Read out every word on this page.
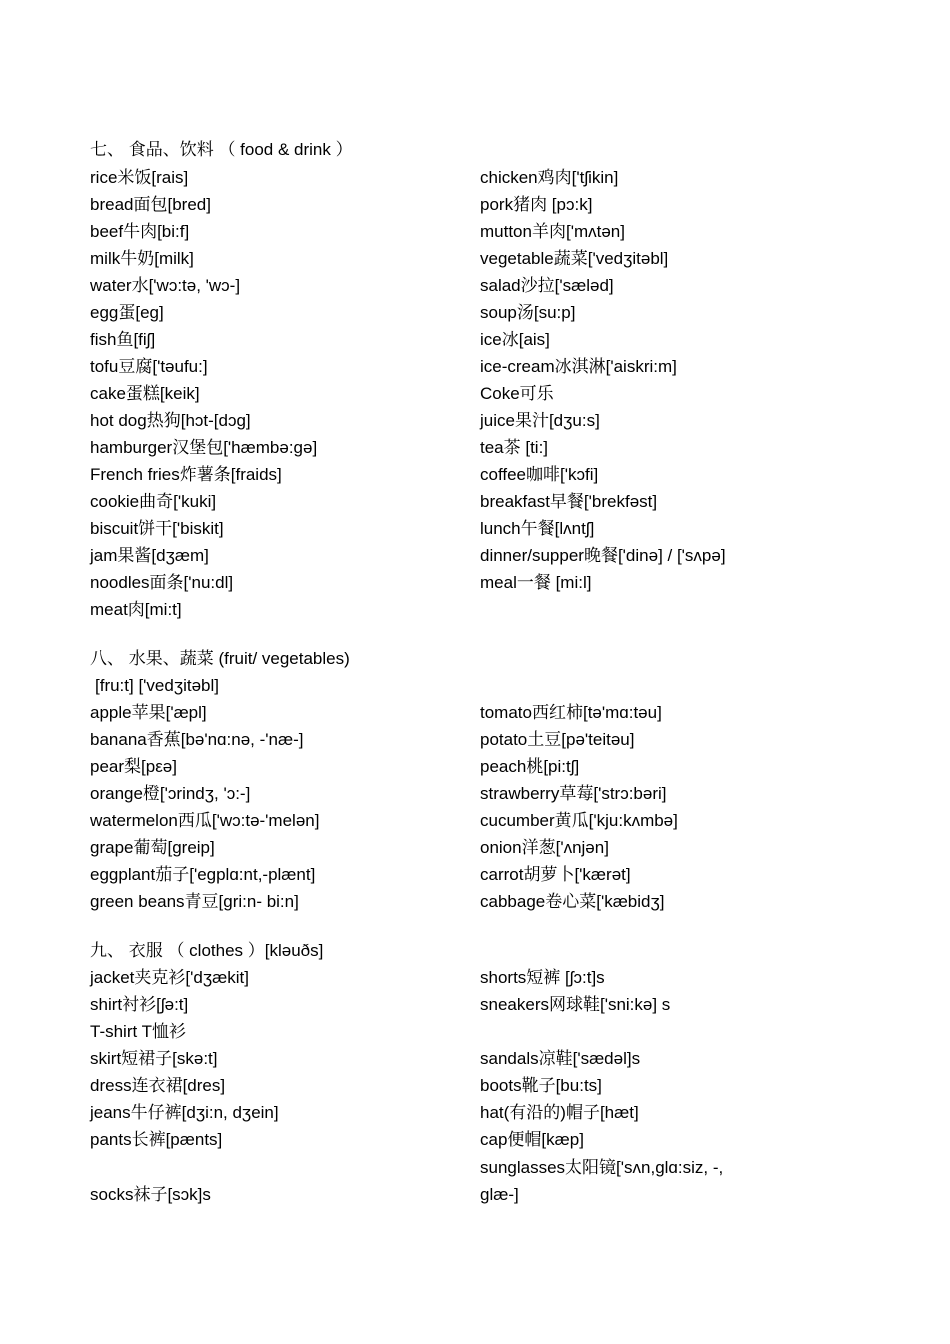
七、 食品、饮料 （ food & drink ）
rice米饭[rais]
bread面包[bred]
beef牛肉[bi:f]
milk牛奶[milk]
water水['wɔ:tə, 'wɔ-]
egg蛋[eg]
fish鱼[fiʃ]
tofu豆腐['təufu:]
cake蛋糕[keik]
hot dog热狗[hɔt-[dɔg]
hamburger汉堡包['hæmbə:gə]
French fries炸薯条[fraids]
cookie曲奇['kuki]
biscuit饼干['biskit]
jam果酱[dʒæm]
noodles面条['nu:dl]
meat肉[mi:t]
chicken鸡肉['tʃikin]
pork猪肉 [pɔ:k]
mutton羊肉['mʌtən]
vegetable蔬菜['vedʒitəbl]
salad沙拉['sæləd]
soup汤[su:p]
ice冰[ais]
ice-cream冰淇淋['aiskri:m]
Coke可乐
juice果汁[dʒu:s]
tea茶 [ti:]
coffee咖啡['kɔfi]
breakfast早餐['brekfəst]
lunch午餐[lʌntʃ]
dinner/supper晚餐['dinə] / ['sʌpə]
meal一餐 [mi:l]
八、 水果、蔬菜 (fruit/ vegetables)
[fru:t] ['vedʒitəbl]
apple苹果['æpl]
banana香蕉[bə'nɑ:nə, -'næ-]
pear梨[pεə]
orange橙['ɔrindʒ, 'ɔ:-]
watermelon西瓜['wɔ:tə-'melən]
grape葡萄[greip]
eggplant茄子['egplɑ:nt,-plænt]
green beans青豆[gri:n- bi:n]
tomato西红柿[tə'mɑ:təu]
potato土豆[pə'teitəu]
peach桃[pi:tʃ]
strawberry草莓['strɔ:bəri]
cucumber黄瓜['kju:kʌmbə]
onion洋葱['ʌnjən]
carrot胡萝卜['kærət]
cabbage卷心菜['kæbidʒ]
九、 衣服 （ clothes ）[kləuðs]
jacket夹克衫['dʒækit]
shirt衬衫[ʃə:t]
T-shirt T恤衫
skirt短裙子[skə:t]
dress连衣裙[dres]
jeans牛仔裤[dʒi:n, dʒein]
pants长裤[pænts]
socks袜子[sɔk]s
shorts短裤 [ʃɔ:t]s
sneakers网球鞋['sni:kə] s
sandals凉鞋['sædəl]s
boots靴子[bu:ts]
hat(有沿的)帽子[hæt]
cap便帽[kæp]
sunglasses太阳镜['sʌn,glɑ:siz, -,
glæ-]
